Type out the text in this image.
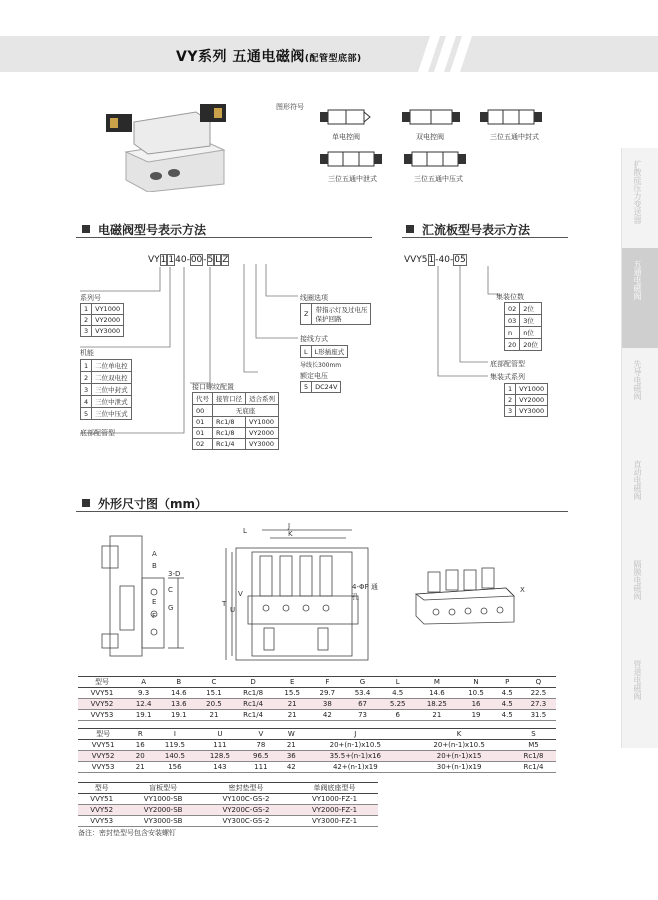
VY系列 五通电磁阀(配管型底部)
扩散硅压力变送器
五通电磁阀
先导电磁阀
直动电磁阀
隔膜电磁阀
管道电磁阀
图形符号
单电控阀	双电控阀	三位五通中封式
三位五通中泄式	三位五通中压式
电磁阀型号表示方法
VY1 140-00-5 L Z
系列号
1	VY1000
2	VY2000
3	VY3000
机能
1	二位单电控
2	二位双电控
3	三位中封式
4	三位中泄式
5	三位中压式
底部配管型
接口螺纹配置
代号	接管口径	适合系列
00	无底座	
01	Rc1/8	VY1000
01	Rc1/8	VY2000
02	Rc1/4	VY3000
线圈选项
Z	带指示灯及过电压保护回路
接线方式
L	L形插座式
导线长300mm
额定电压
5	DC24V
汇流板型号表示方法
VVY51-40-05
集装位数
02	2位
03	3位
n	n位
20	20位
底部配管型
集装式系列
1	VY1000
2	VY2000
3	VY3000
外形尺寸图（mm）
A
B
3-D
C
G
E
F
L
J
K
T
U
V
4-ΦP 通孔
X
型号	A	B	C	D	E	F	G	L	M	N	P	Q
VVY51	9.3	14.6	15.1	Rc1/8	15.5	29.7	53.4	4.5	14.6	10.5	4.5	22.5
VVY52	12.4	13.6	20.5	Rc1/4	21	38	67	5.25	18.25	16	4.5	27.3
VVY53	19.1	19.1	21	Rc1/4	21	42	73	6	21	19	4.5	31.5
型号	R	I	U	V	W	J	K	S
VVY51	16	119.5	111	78	21	20+(n-1)x10.5	20+(n-1)x10.5	M5
VVY52	20	140.5	128.5	96.5	36	35.5+(n-1)x16	20+(n-1)x15	Rc1/8
VVY53	21	156	143	111	42	42+(n-1)x19	30+(n-1)x19	Rc1/4
型号	盲板型号	密封垫型号	单阀底座型号
VVY51	VY1000-SB	VY100C-GS-2	VY1000-FZ-1
VVY52	VY2000-SB	VY200C-GS-2	VY2000-FZ-1
VVY53	VY3000-SB	VY300C-GS-2	VY3000-FZ-1
备注：密封垫型号包含安装螺钉
